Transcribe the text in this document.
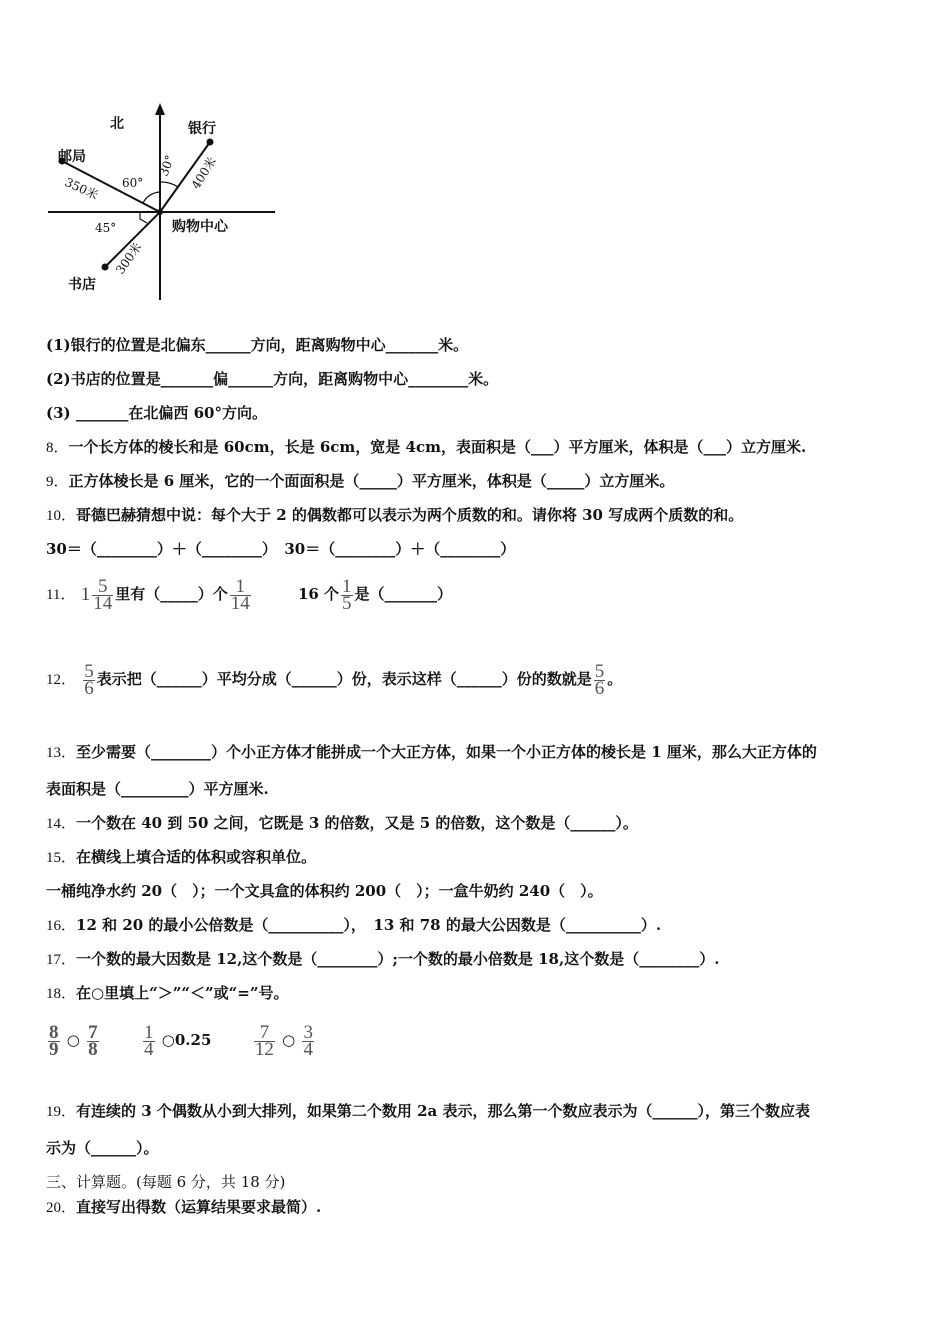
北	银行
邮局
购物中心
书店
30°
60°
45°
400米
350米
300米
(1)银行的位置是北偏东______方向，距离购物中心_______米。
(2)书店的位置是_______偏______方向，距离购物中心________米。
(3) _______在北偏西 60°方向。
8．一个长方体的棱长和是 60cm，长是 6cm，宽是 4cm，表面积是（___）平方厘米，体积是（___）立方厘米.
9．正方体棱长是 6 厘米，它的一个面面积是（_____）平方厘米，体积是（_____）立方厘米。
10．哥德巴赫猜想中说：每个大于 2 的偶数都可以表示为两个质数的和。请你将 30 写成两个质数的和。
30＝（________）＋（________）　30＝（________）＋（________）
11． $1 \frac{5}{14}$ 里有（_____）个 $\frac{1}{14}$	16 个 $\frac{1}{5}$ 是（_______）
12． $\frac{5}{6}$ 表示把（______）平均分成（______）份，表示这样（______）份的数就是 $\frac{5}{6}$ 。
13．至少需要（________）个小正方体才能拼成一个大正方体，如果一个小正方体的棱长是 1 厘米，那么大正方体的
表面积是（_________）平方厘米.
14．一个数在 40 到 50 之间，它既是 3 的倍数，又是 5 的倍数，这个数是（______）。
15．在横线上填合适的体积或容积单位。
一桶纯净水约 20（　）；一个文具盒的体积约 200（　）；一盒牛奶约 240（　）。
16．12 和 20 的最小公倍数是（__________），　13 和 78 的最大公因数是（__________）.
17．一个数的最大因数是 12,这个数是（________）;一个数的最小倍数是 18,这个数是（________）.
18．在○里填上“＞”“＜”或“=”号。
$\frac{8}{9}$ ○ $\frac{7}{8}$
$\frac{1}{4}$ ○0.25 $\frac{7}{12}$ ○ $\frac{3}{4}$
19．有连续的 3 个偶数从小到大排列，如果第二个数用 2a 表示，那么第一个数应表示为（______），第三个数应表
示为（______）。
三、计算题。(每题 6 分，共 18 分)
20．直接写出得数（运算结果要求最简）.
